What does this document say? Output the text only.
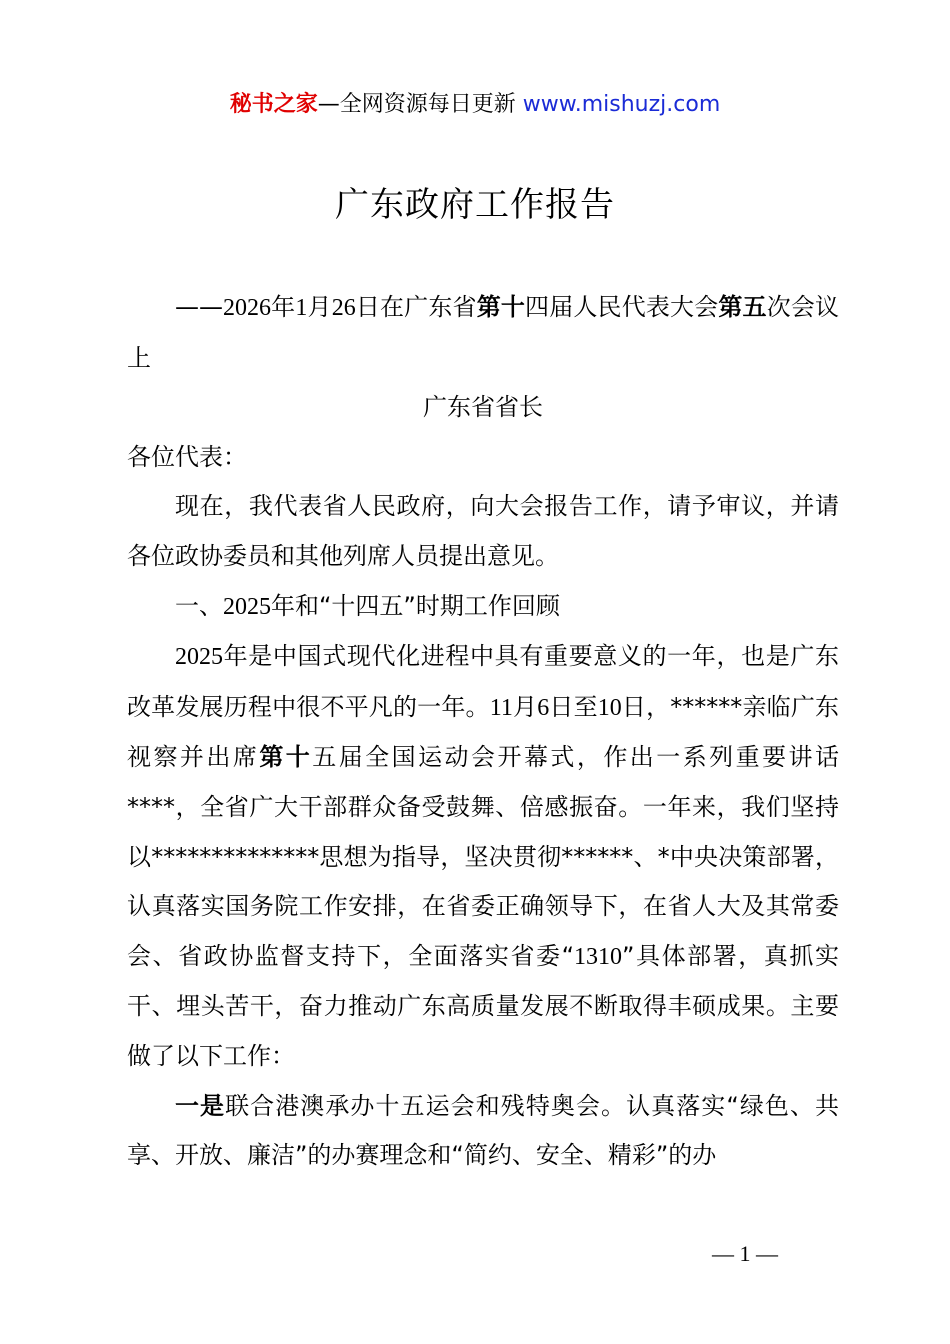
秘书之家—全网资源每日更新 www.mishuzj.com
广东政府工作报告

——2026年1月26日在广东省第十四届人民代表大会第五次会议上

广东省省长

各位代表：

现在，我代表省人民政府，向大会报告工作，请予审议，并请各位政协委员和其他列席人员提出意见。

一、2025年和“十四五”时期工作回顾

2025年是中国式现代化进程中具有重要意义的一年，也是广东改革发展历程中很不平凡的一年。11月6日至10日，******亲临广东视察并出席第十五届全国运动会开幕式，作出一系列重要讲话****，全省广大干部群众备受鼓舞、倍感振奋。一年来，我们坚持以**************思想为指导，坚决贯彻******、*中央决策部署，认真落实国务院工作安排，在省委正确领导下，在省人大及其常委会、省政协监督支持下，全面落实省委“1310”具体部署，真抓实干、埋头苦干，奋力推动广东高质量发展不断取得丰硕成果。主要做了以下工作：

一是联合港澳承办十五运会和残特奥会。认真落实“绿色、共享、开放、廉洁”的办赛理念和“简约、安全、精彩”的办

— 1 —
